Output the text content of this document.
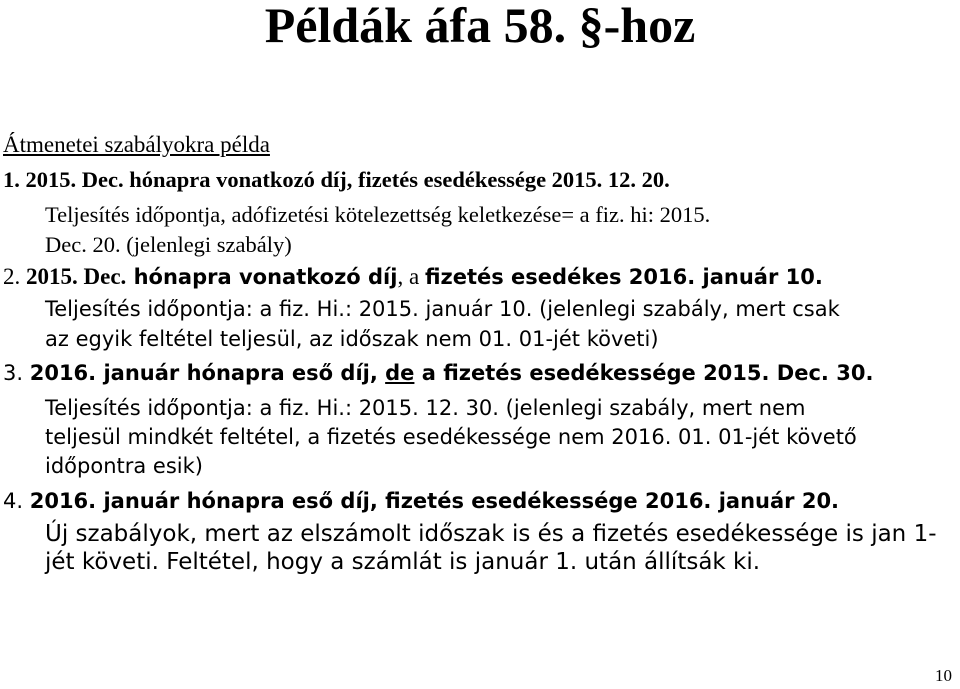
Példák áfa 58. §-hoz
Átmenetei szabályokra példa
1. 2015. Dec. hónapra vonatkozó díj, fizetés esedékessége 2015. 12. 20.
Teljesítés időpontja, adófizetési kötelezettség keletkezése= a fiz. hi: 2015.
Dec. 20. (jelenlegi szabály)
2. 2015. Dec. hónapra vonatkozó díj, a fizetés esedékes 2016. január 10.
Teljesítés időpontja: a fiz. Hi.: 2015. január 10. (jelenlegi szabály, mert csak
az egyik feltétel teljesül, az időszak nem 01. 01-jét követi)
3. 2016. január hónapra eső díj, de a fizetés esedékessége 2015. Dec. 30.
Teljesítés időpontja: a fiz. Hi.: 2015. 12. 30. (jelenlegi szabály, mert nem
teljesül mindkét feltétel, a fizetés esedékessége nem 2016. 01. 01-jét követő
időpontra esik)
4. 2016. január hónapra eső díj, fizetés esedékessége 2016. január 20.
Új szabályok, mert az elszámolt időszak is és a fizetés esedékessége is jan 1-
jét követi. Feltétel, hogy a számlát is január 1. után állítsák ki.
10
